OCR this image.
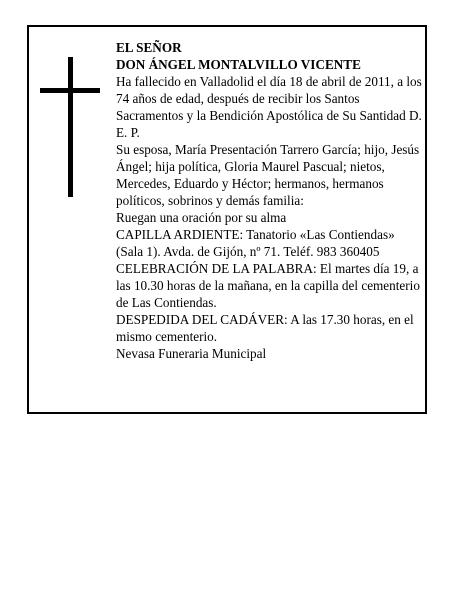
EL SEÑOR

DON ÁNGEL MONTALVILLO VICENTE

Ha fallecido en Valladolid el día 18 de abril de 2011, a los 74 años de edad, después de recibir los Santos Sacramentos y la Bendición Apostólica de Su Santidad D. E. P.

Su esposa, María Presentación Tarrero García; hijo, Jesús Ángel; hija política, Gloria Maurel Pascual; nietos, Mercedes, Eduardo y Héctor; hermanos, hermanos políticos, sobrinos y demás familia:

Ruegan una oración por su alma

CAPILLA ARDIENTE: Tanatorio «Las Contiendas» (Sala 1). Avda. de Gijón, nº 71. Teléf. 983 360405

CELEBRACIÓN DE LA PALABRA: El martes día 19, a las 10.30 horas de la mañana, en la capilla del cementerio de Las Contiendas.

DESPEDIDA DEL CADÁVER: A las 17.30 horas, en el mismo cementerio.

Nevasa Funeraria Municipal
